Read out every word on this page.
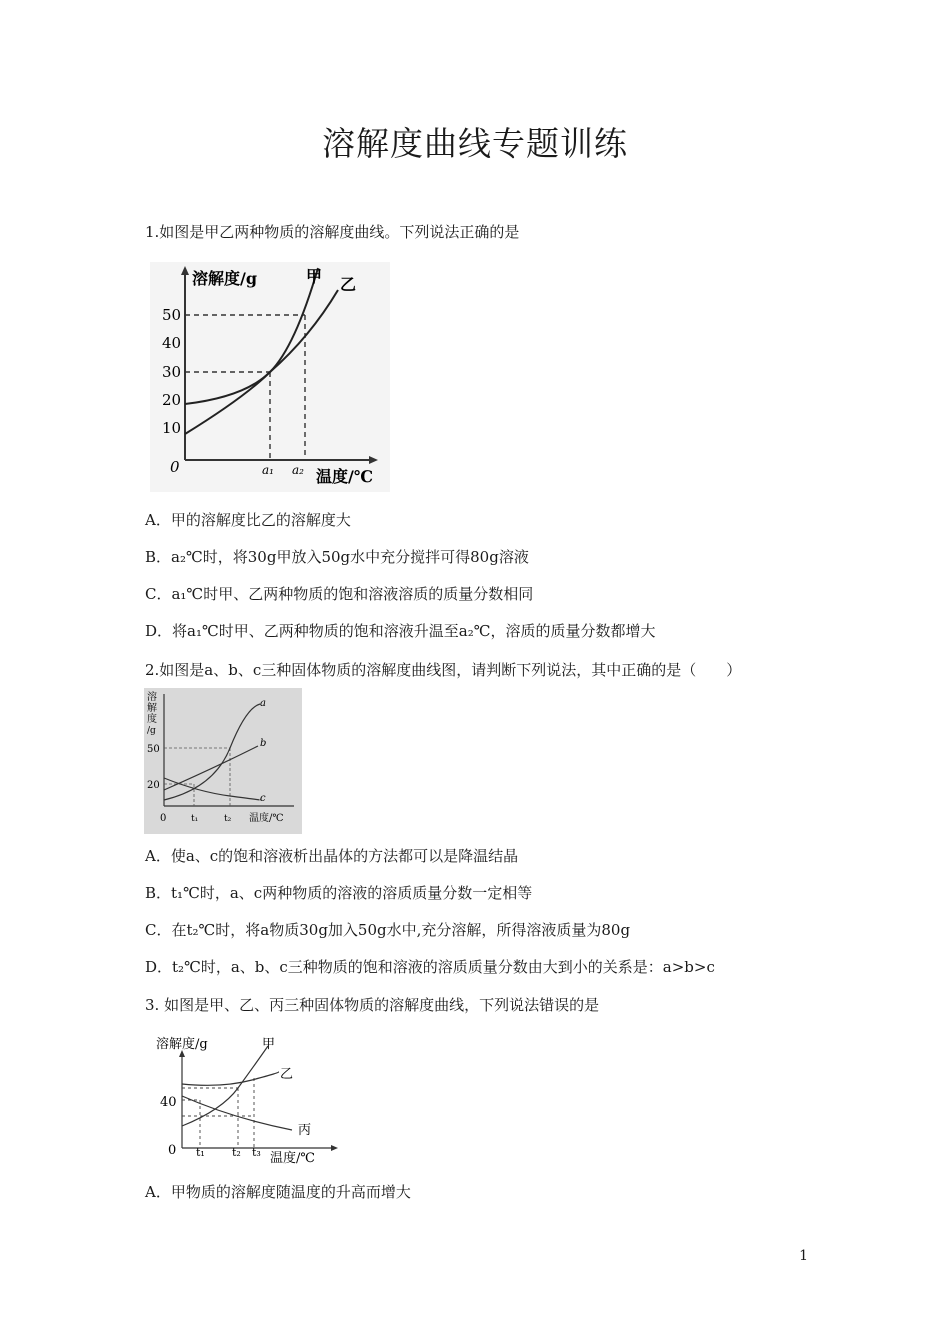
溶解度曲线专题训练
1.如图是甲乙两种物质的溶解度曲线。下列说法正确的是
溶解度/g
温度/℃
0
50
40
30
20
10
a₁ a₂
甲 乙
A．甲的溶解度比乙的溶解度大
B．a₂℃时，将30g甲放入50g水中充分搅拌可得80g溶液
C．a₁℃时甲、乙两种物质的饱和溶液溶质的质量分数相同
D．将a₁℃时甲、乙两种物质的饱和溶液升温至a₂℃，溶质的质量分数都增大
2.如图是a、b、c三种固体物质的溶解度曲线图，请判断下列说法，其中正确的是（　　）
溶
解
度
/g
50
20
0	t₁	t₂ 温度/℃
a
b
c
A．使a、c的饱和溶液析出晶体的方法都可以是降温结晶
B．t₁℃时，a、c两种物质的溶液的溶质质量分数一定相等
C．在t₂℃时，将a物质30g加入50g水中,充分溶解，所得溶液质量为80g
D．t₂℃时，a、b、c三种物质的饱和溶液的溶质质量分数由大到小的关系是：a>b>c
3. 如图是甲、乙、丙三种固体物质的溶解度曲线，下列说法错误的是
溶解度/g
40
0 t₁ t₂ t₃ 温度/℃
甲
乙
丙
A．甲物质的溶解度随温度的升高而增大
1
